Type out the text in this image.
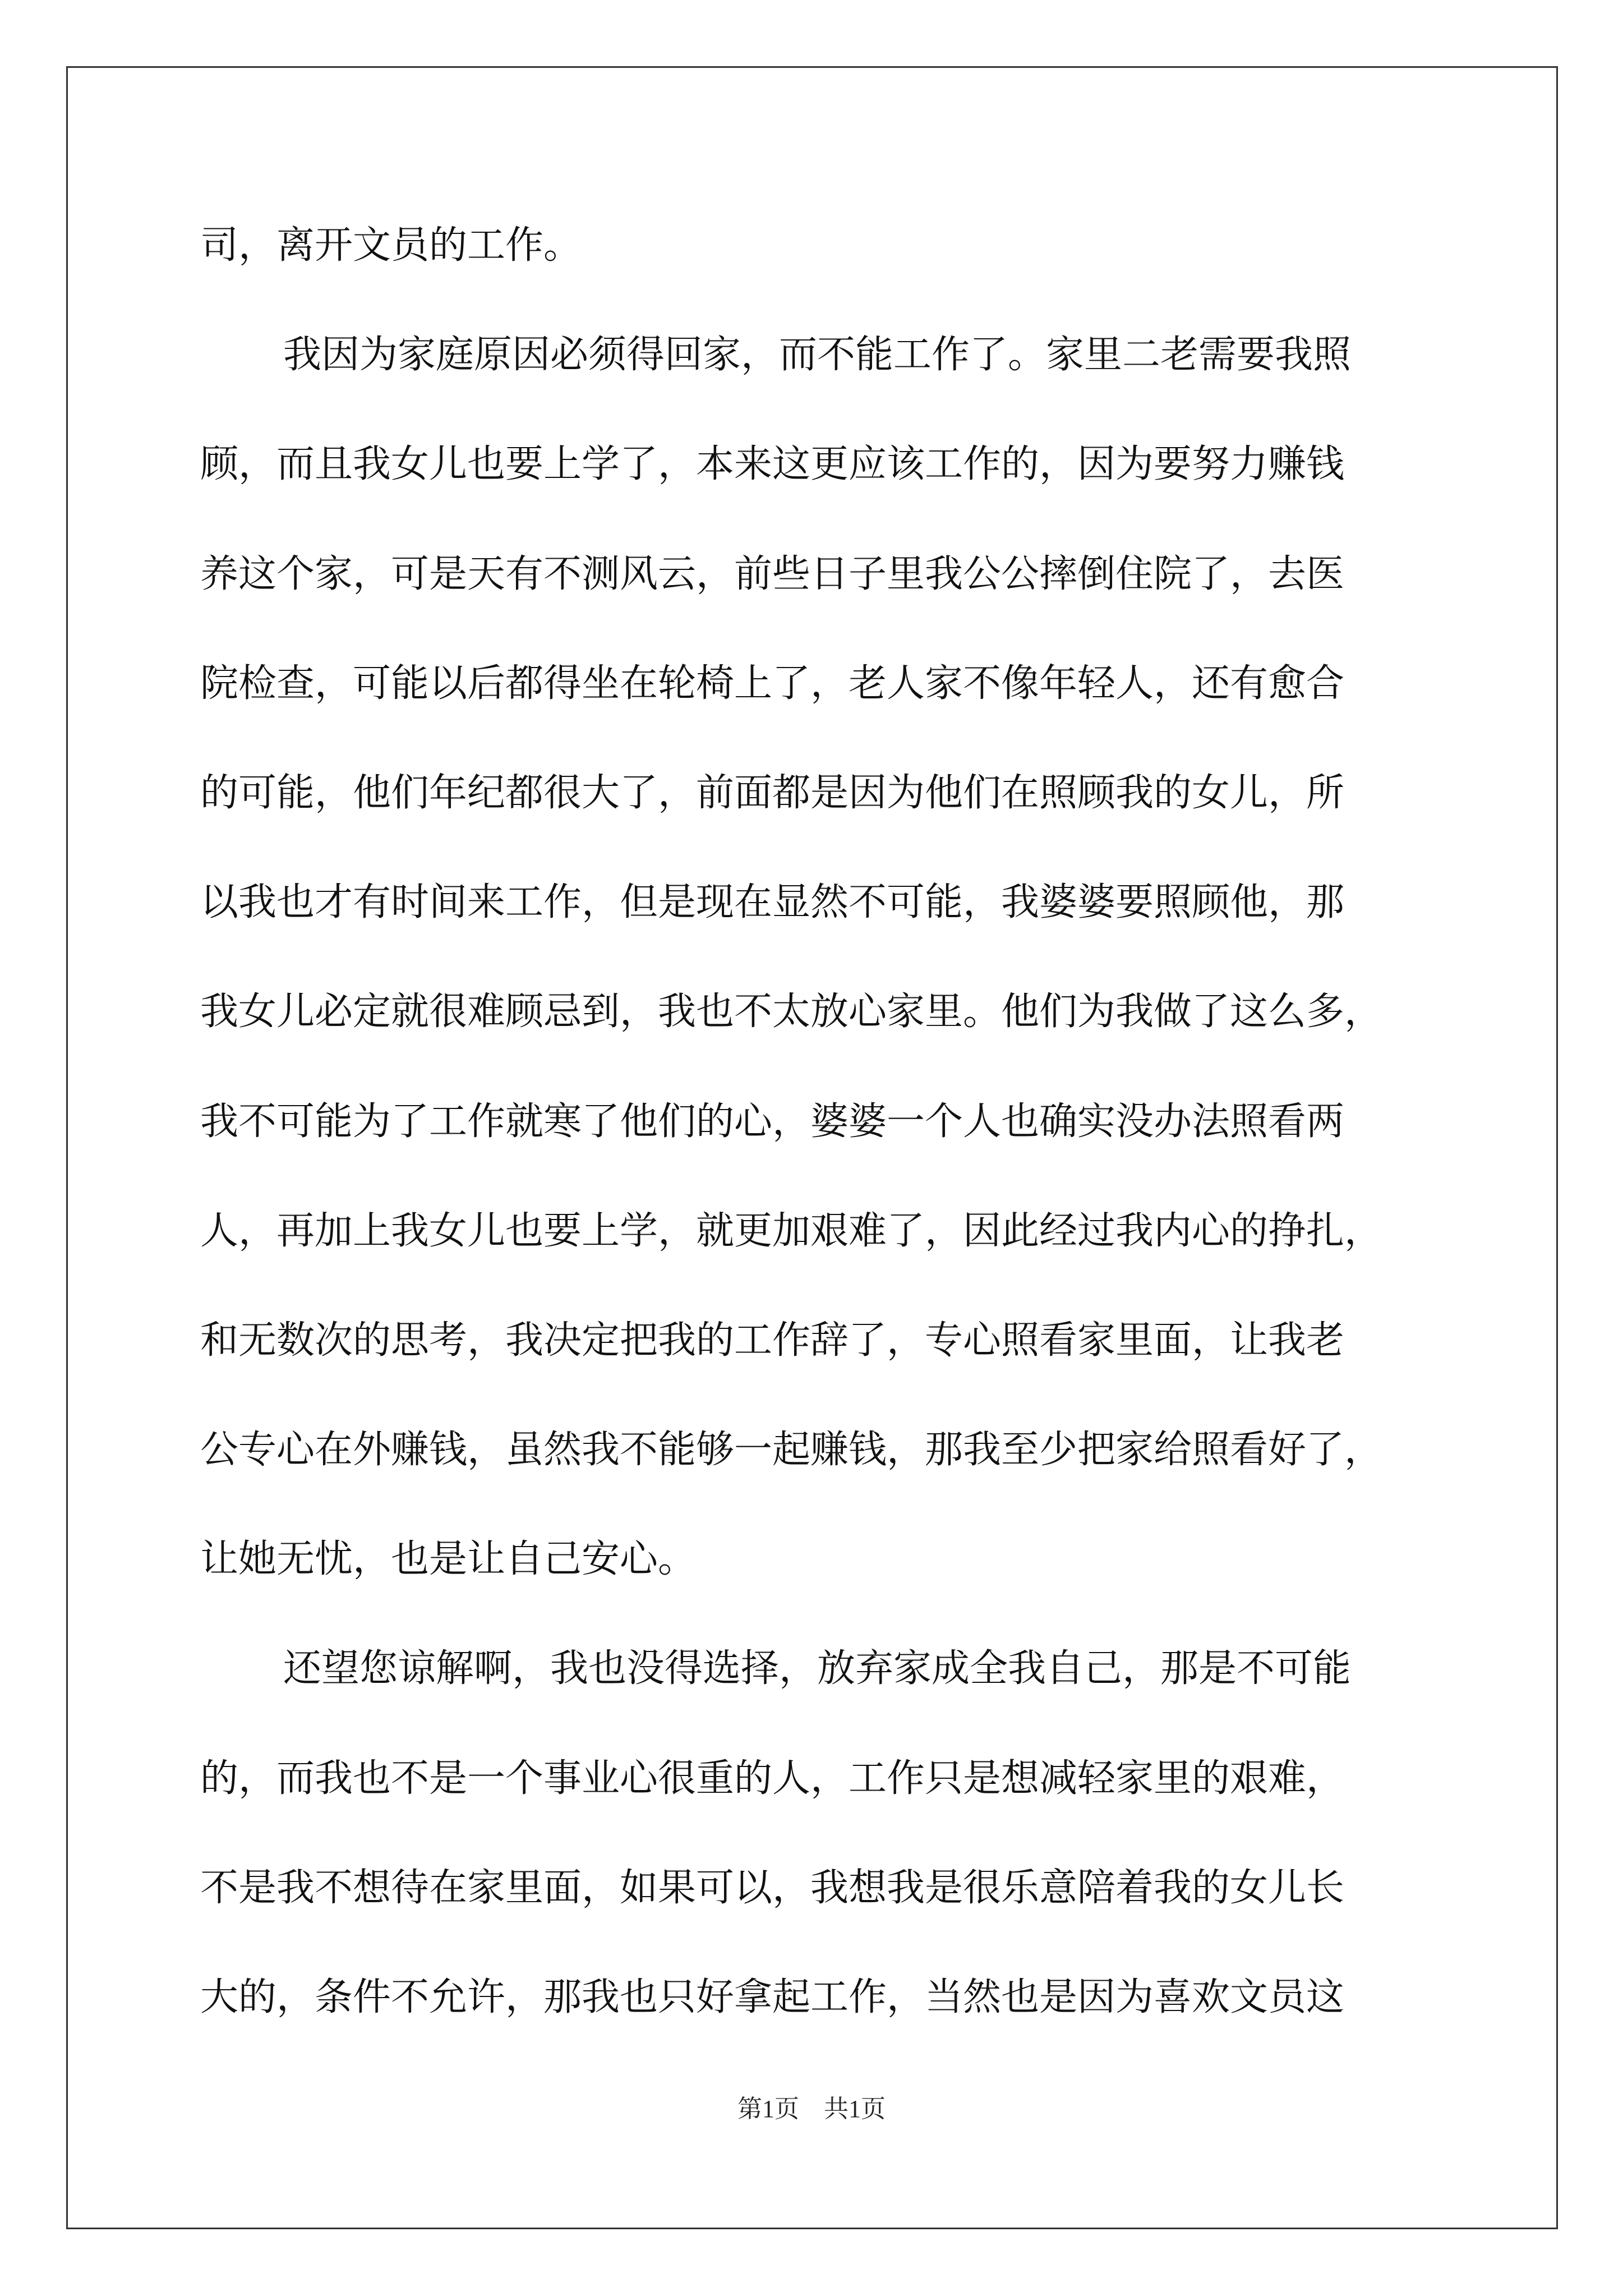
司，离开文员的工作。
我因为家庭原因必须得回家，而不能工作了。家里二老需要我照
顾，而且我女儿也要上学了，本来这更应该工作的，因为要努力赚钱
养这个家，可是天有不测风云，前些日子里我公公摔倒住院了，去医
院检查，可能以后都得坐在轮椅上了，老人家不像年轻人，还有愈合
的可能，他们年纪都很大了，前面都是因为他们在照顾我的女儿，所
以我也才有时间来工作，但是现在显然不可能，我婆婆要照顾他，那
我女儿必定就很难顾忌到，我也不太放心家里。他们为我做了这么多，
我不可能为了工作就寒了他们的心，婆婆一个人也确实没办法照看两
人，再加上我女儿也要上学，就更加艰难了，因此经过我内心的挣扎，
和无数次的思考，我决定把我的工作辞了，专心照看家里面，让我老
公专心在外赚钱，虽然我不能够一起赚钱，那我至少把家给照看好了，
让她无忧，也是让自己安心。
还望您谅解啊，我也没得选择，放弃家成全我自己，那是不可能
的，而我也不是一个事业心很重的人，工作只是想减轻家里的艰难，
不是我不想待在家里面，如果可以，我想我是很乐意陪着我的女儿长
大的，条件不允许，那我也只好拿起工作，当然也是因为喜欢文员这
第1页　共1页
